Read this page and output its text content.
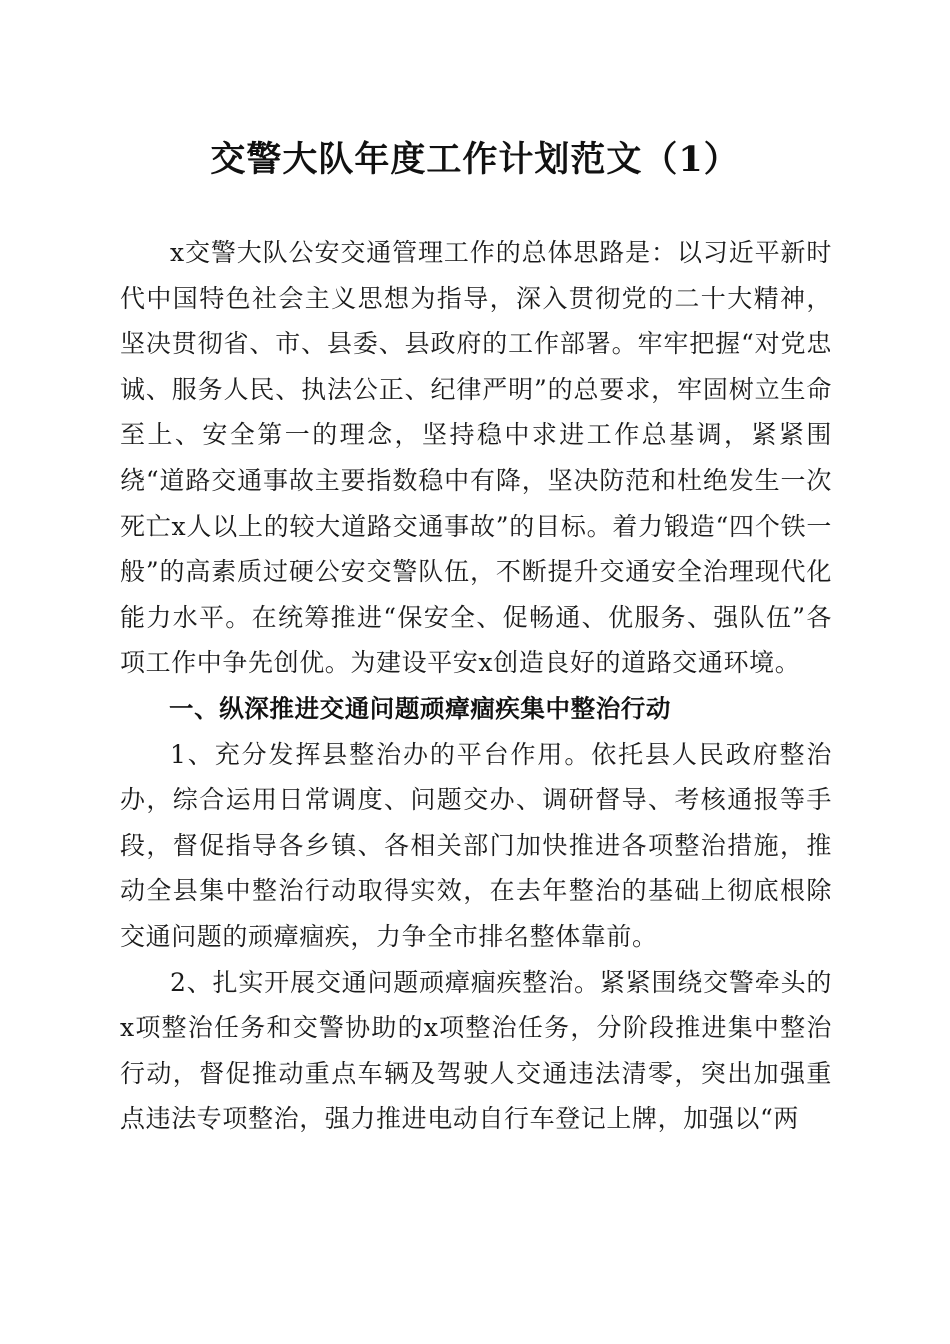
交警大队年度工作计划范文（1）

x交警大队公安交通管理工作的总体思路是：以习近平新时代中国特色社会主义思想为指导，深入贯彻党的二十大精神，坚决贯彻省、市、县委、县政府的工作部署。牢牢把握“对党忠诚、服务人民、执法公正、纪律严明”的总要求，牢固树立生命至上、安全第一的理念，坚持稳中求进工作总基调，紧紧围绕“道路交通事故主要指数稳中有降，坚决防范和杜绝发生一次死亡x人以上的较大道路交通事故”的目标。着力锻造“四个铁一般”的高素质过硬公安交警队伍，不断提升交通安全治理现代化能力水平。在统筹推进“保安全、促畅通、优服务、强队伍”各项工作中争先创优。为建设平安x创造良好的道路交通环境。

一、纵深推进交通问题顽瘴痼疾集中整治行动

1、充分发挥县整治办的平台作用。依托县人民政府整治办，综合运用日常调度、问题交办、调研督导、考核通报等手段，督促指导各乡镇、各相关部门加快推进各项整治措施，推动全县集中整治行动取得实效，在去年整治的基础上彻底根除交通问题的顽瘴痼疾，力争全市排名整体靠前。

2、扎实开展交通问题顽瘴痼疾整治。紧紧围绕交警牵头的x项整治任务和交警协助的x项整治任务，分阶段推进集中整治行动，督促推动重点车辆及驾驶人交通违法清零，突出加强重点违法专项整治，强力推进电动自行车登记上牌，加强以“两
